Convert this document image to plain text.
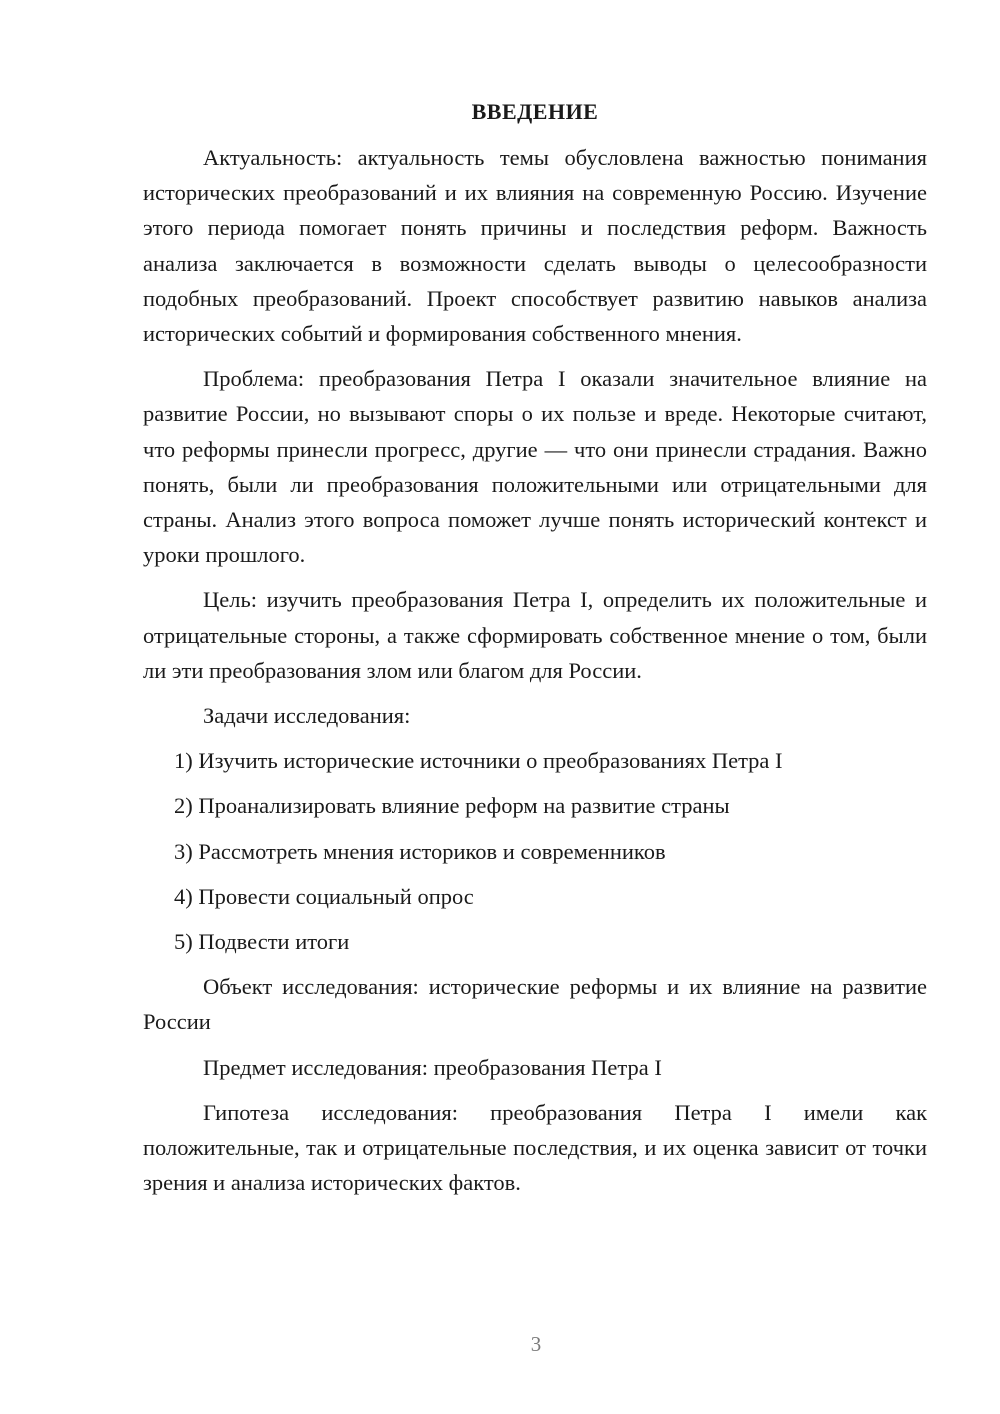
ВВЕДЕНИЕ

Актуальность: актуальность темы обусловлена важностью понимания исторических преобразований и их влияния на современную Россию. Изучение этого периода помогает понять причины и последствия реформ. Важность анализа заключается в возможности сделать выводы о целесообразности подобных преобразований. Проект способствует развитию навыков анализа исторических событий и формирования собственного мнения.

Проблема: преобразования Петра I оказали значительное влияние на развитие России, но вызывают споры о их пользе и вреде. Некоторые считают, что реформы принесли прогресс, другие — что они принесли страдания. Важно понять, были ли преобразования положительными или отрицательными для страны. Анализ этого вопроса поможет лучше понять исторический контекст и уроки прошлого.

Цель: изучить преобразования Петра I, определить их положительные и отрицательные стороны, а также сформировать собственное мнение о том, были ли эти преобразования злом или благом для России.

Задачи исследования:

1) Изучить исторические источники о преобразованиях Петра I
2) Проанализировать влияние реформ на развитие страны
3) Рассмотреть мнения историков и современников
4) Провести социальный опрос
5) Подвести итоги

Объект исследования: исторические реформы и их влияние на развитие России

Предмет исследования: преобразования Петра I

Гипотеза исследования: преобразования Петра I имели как положительные, так и отрицательные последствия, и их оценка зависит от точки зрения и анализа исторических фактов.

3
